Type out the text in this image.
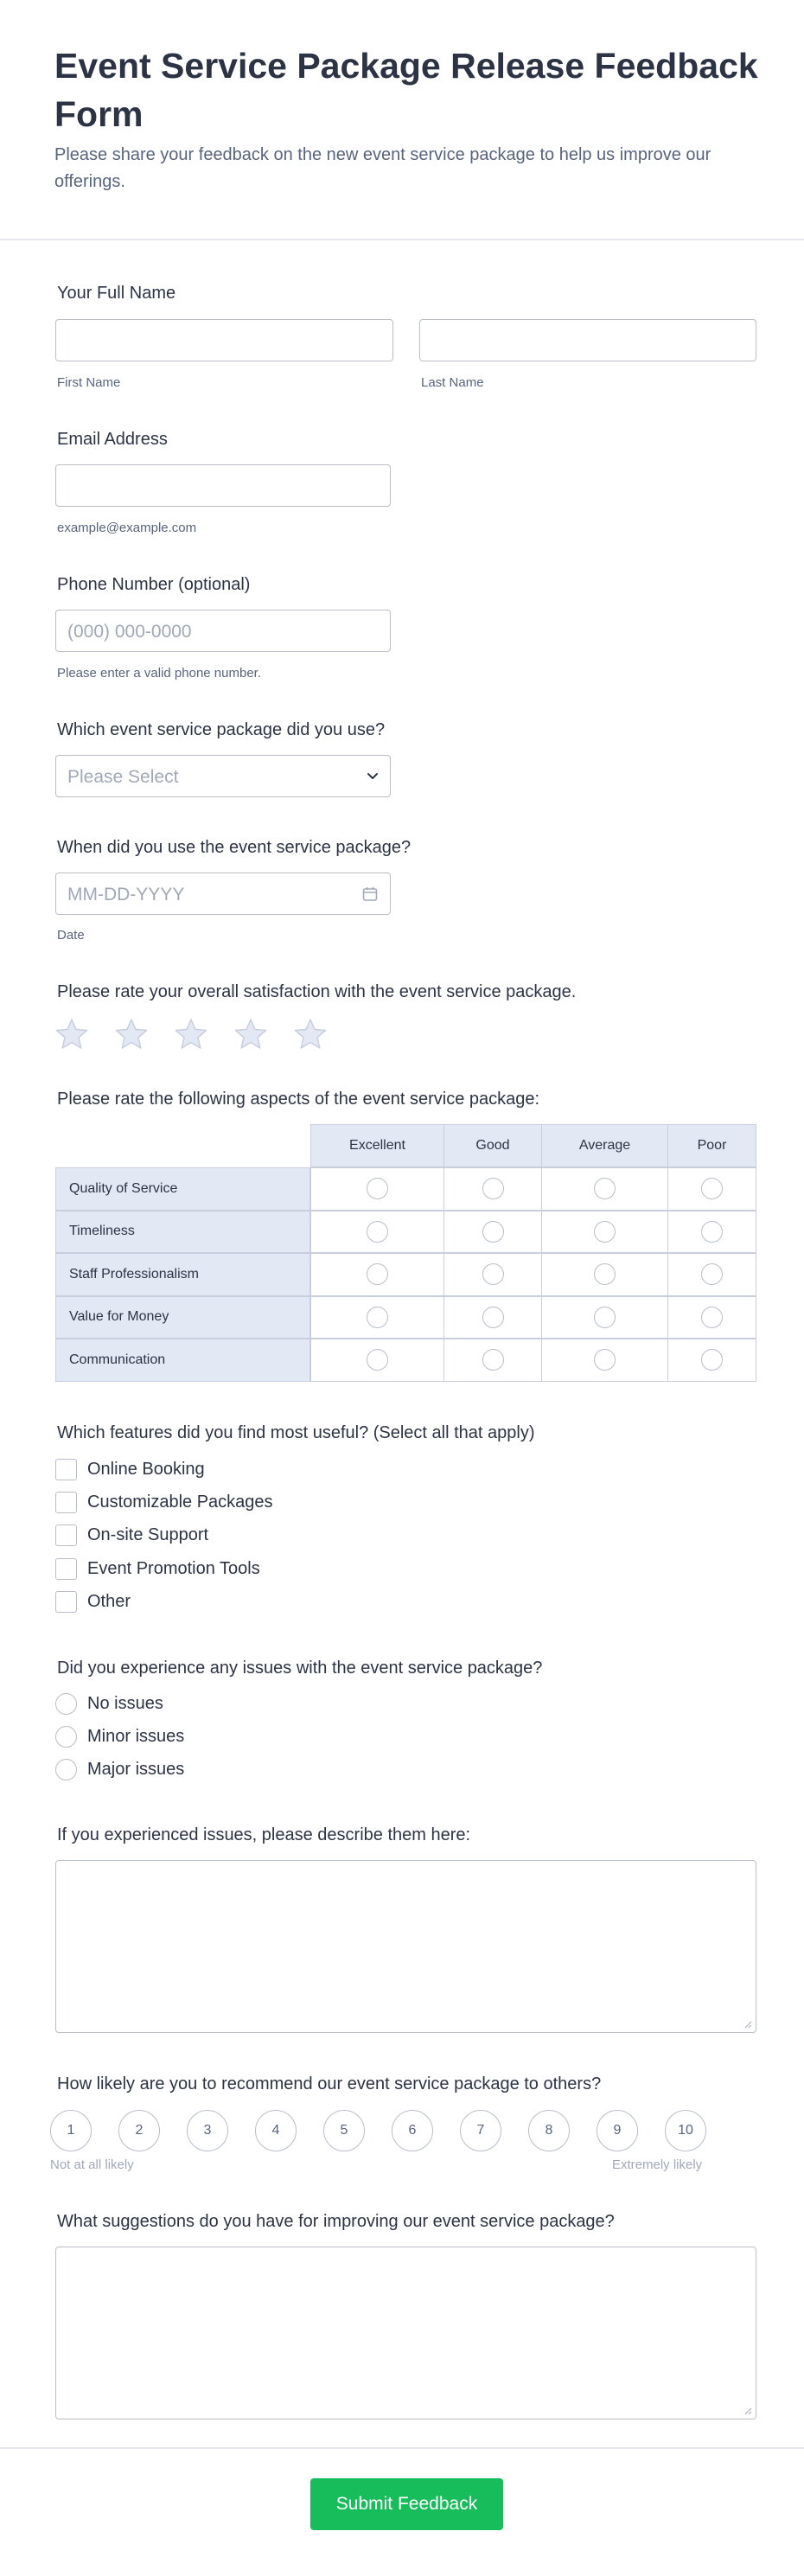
Event Service Package Release Feedback Form

Please share your feedback on the new event service package to help us improve our offerings.

Your Full Name
First Name	Last Name
Email Address
example@example.com
Phone Number (optional)
(000) 000-0000
Please enter a valid phone number.
Which event service package did you use?
Please Select
When did you use the event service package?
MM-DD-YYYY
Date
Please rate your overall satisfaction with the event service package.
Please rate the following aspects of the event service package:
Excellent	Good	Average	Poor
Quality of Service
Timeliness
Staff Professionalism
Value for Money
Communication
Which features did you find most useful? (Select all that apply)
Online Booking
Customizable Packages
On-site Support
Event Promotion Tools
Other
Did you experience any issues with the event service package?
No issues
Minor issues
Major issues
If you experienced issues, please describe them here:
How likely are you to recommend our event service package to others?
1	2	3	4	5	6	7	8	9	10
Not at all likely	Extremely likely
What suggestions do you have for improving our event service package?
Submit Feedback
